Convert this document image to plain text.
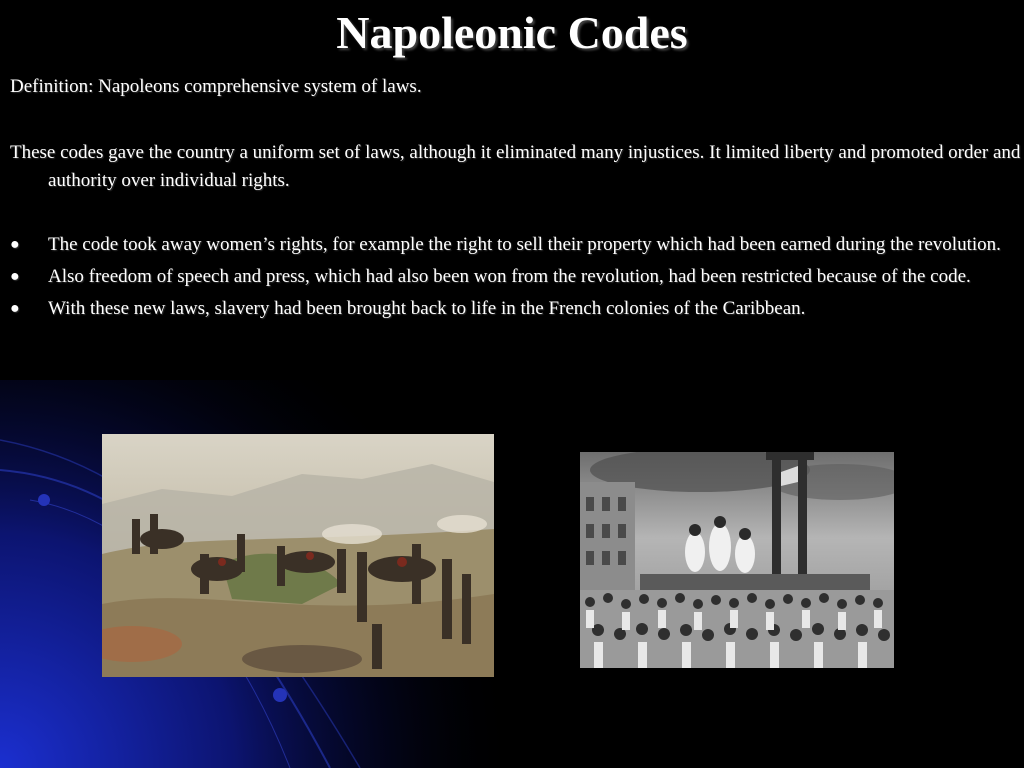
Napoleonic Codes
Definition: Napoleons comprehensive system of laws.
These codes gave the country a uniform set of laws, although it eliminated many injustices. It limited liberty and promoted order and authority over individual rights.
● The code took away women’s rights, for example the right to sell their property which had been earned during the revolution.
● Also freedom of speech and press, which had also been won from the revolution, had been restricted because of the code.
● With these new laws, slavery had been brought back to life in the French colonies of the Caribbean.
